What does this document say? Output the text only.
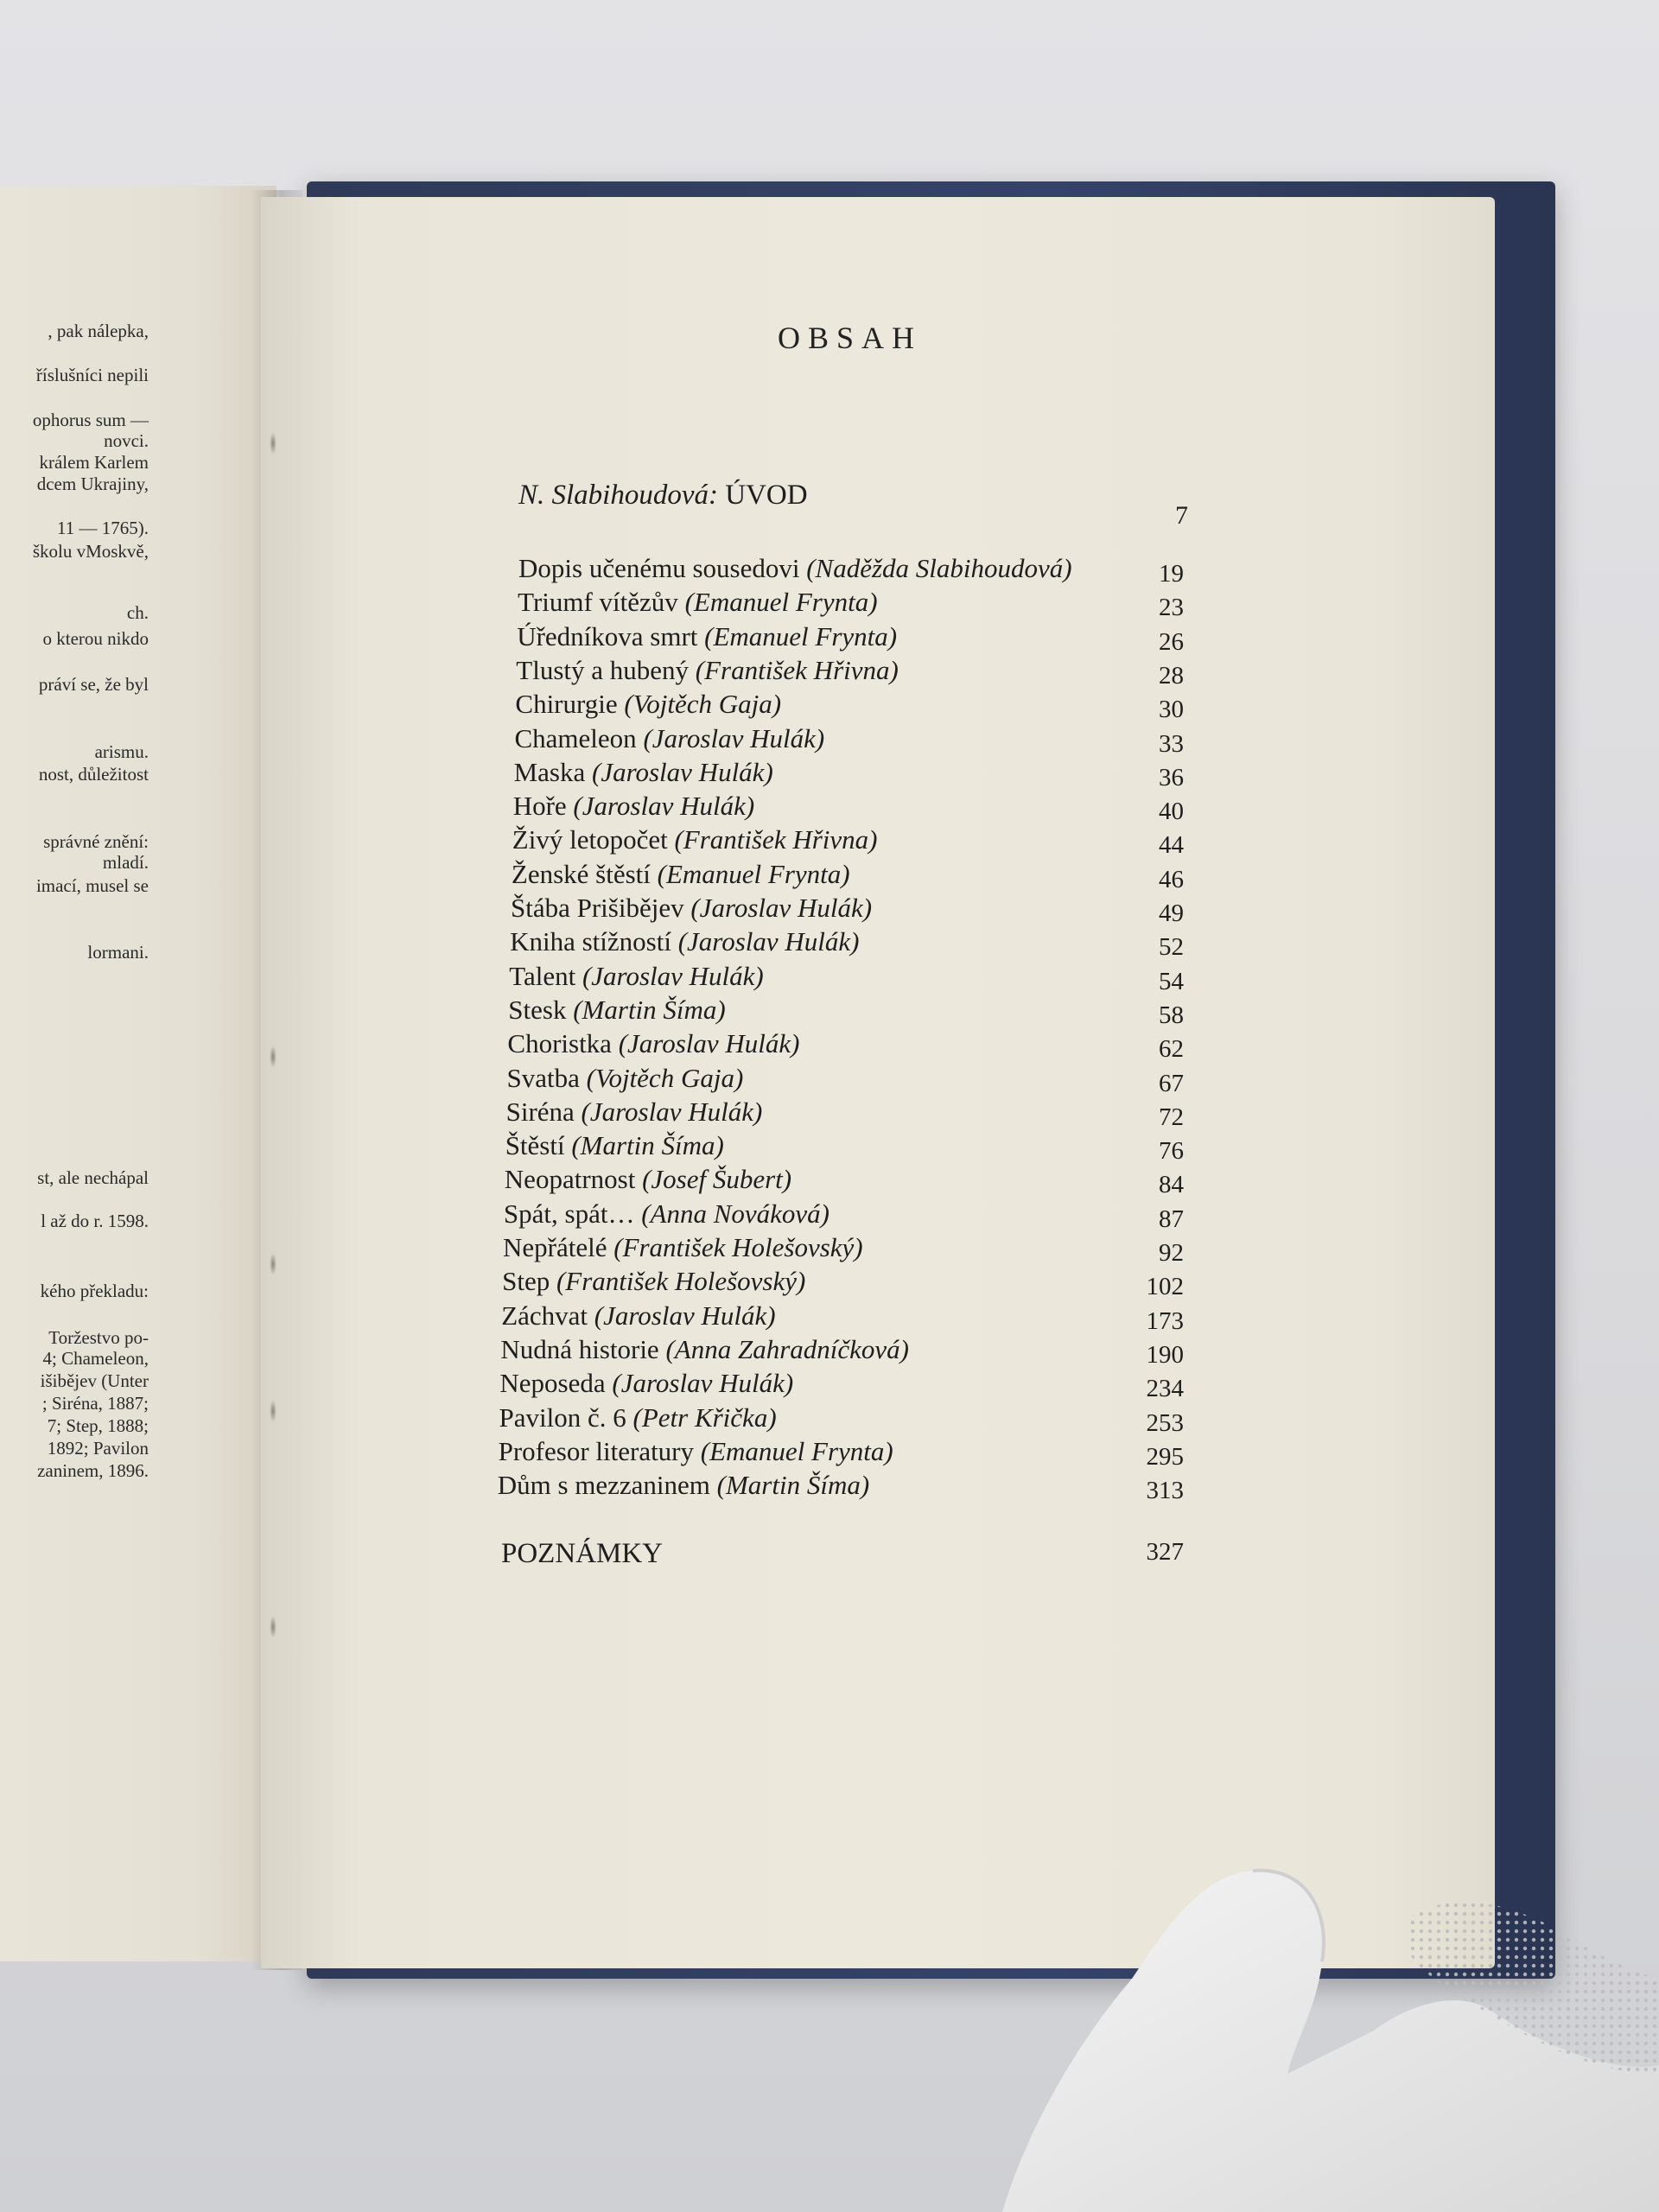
, pak nálepka,
říslušníci nepili
ophorus sum —
novci.
králem Karlem
dcem Ukrajiny,
11 — 1765).
školu vMoskvě,
ch.
o kterou nikdo
práví se, že byl
arismu.
nost, důležitost
správné znění:
mladí.
imací, musel se
lormani.
st, ale nechápal
l až do r. 1598.
kého překladu:
Toržestvo po-
4; Chameleon,
išibějev (Unter
; Siréna, 1887;
7; Step, 1888;
1892; Pavilon
zaninem, 1896.
OBSAH
N. Slabihoudová: ÚVOD
7
Dopis učenému sousedovi (Naděžda Slabihoudová)	19
Triumf vítězův (Emanuel Frynta)	23
Úředníkova smrt (Emanuel Frynta)	26
Tlustý a hubený (František Hřivna)	28
Chirurgie (Vojtěch Gaja)	30
Chameleon (Jaroslav Hulák)	33
Maska (Jaroslav Hulák)	36
Hoře (Jaroslav Hulák)	40
Živý letopočet (František Hřivna)	44
Ženské štěstí (Emanuel Frynta)	46
Štába Prišibějev (Jaroslav Hulák)	49
Kniha stížností (Jaroslav Hulák)	52
Talent (Jaroslav Hulák)	54
Stesk (Martin Šíma)	58
Choristka (Jaroslav Hulák)	62
Svatba (Vojtěch Gaja)	67
Siréna (Jaroslav Hulák)	72
Štěstí (Martin Šíma)	76
Neopatrnost (Josef Šubert)	84
Spát, spát… (Anna Nováková)	87
Nepřátelé (František Holešovský)	92
Step (František Holešovský)	102
Záchvat (Jaroslav Hulák)	173
Nudná historie (Anna Zahradníčková)	190
Neposeda (Jaroslav Hulák)	234
Pavilon č. 6 (Petr Křička)	253
Profesor literatury (Emanuel Frynta)	295
Dům s mezzaninem (Martin Šíma)	313
POZNÁMKY	327
